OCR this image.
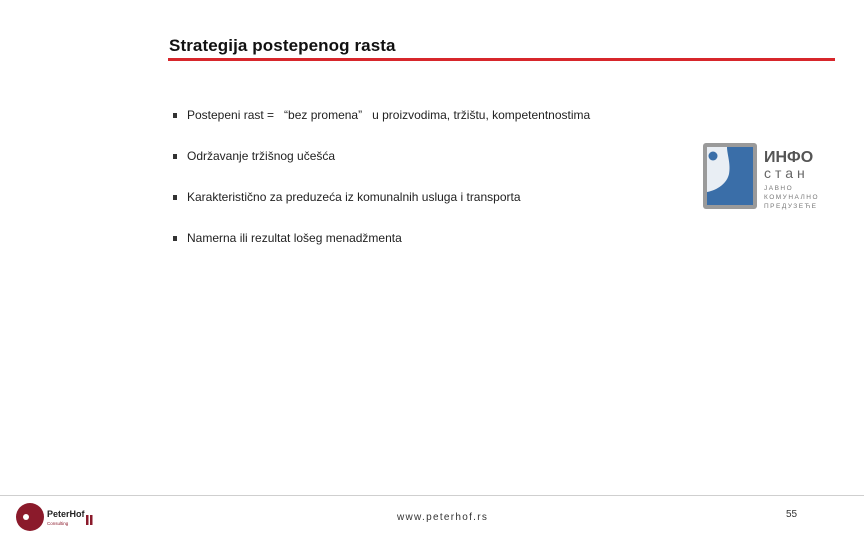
Strategija postepenog rasta
Postepeni rast =   “bez promena”   u proizvodima, tržištu, kompetentnostima
Održavanje tržišnog učešća
Karakteristično za preduzeća iz komunalnih usluga i transporta
Namerna ili rezultat lošeg menadžmenta
ИНФО
стан
ЈАВНО
КОМУНАЛНО
ПРЕДУЗЕЋЕ
PeterHof
Consulting
www.peterhof.rs	55
